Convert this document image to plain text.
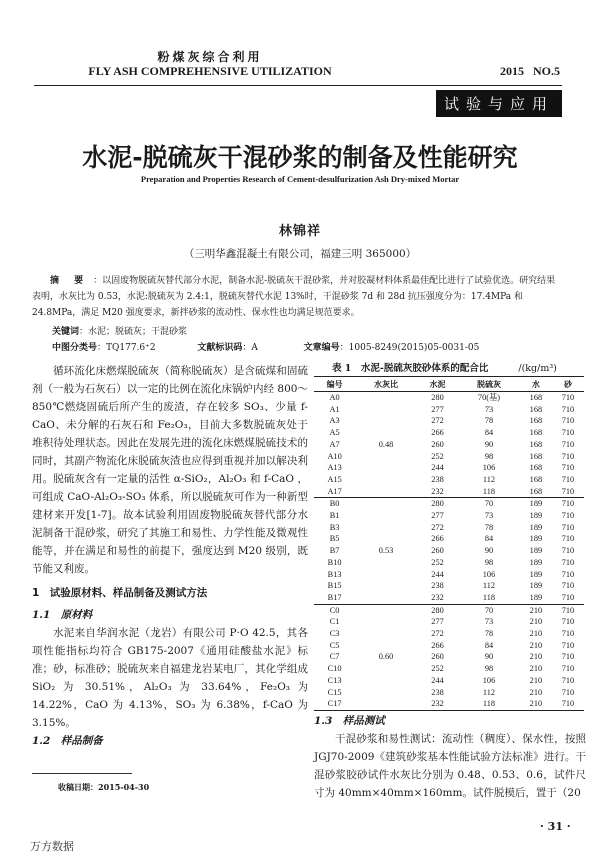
粉煤灰综合利用
FLY ASH COMPREHENSIVE UTILIZATION	2015 NO.5
试验与应用
水泥-脱硫灰干混砂浆的制备及性能研究
Preparation and Properties Research of Cement-desulfurization Ash Dry-mixed Mortar
林锦祥
（三明华鑫混凝土有限公司，福建三明 365000）
摘 要 ：以固废物脱硫灰替代部分水泥，制备水泥-脱硫灰干混砂浆，并对胶凝材料体系最佳配比进行了试验优选。研究结果表明，水灰比为 0.53，水泥:脱硫灰为 2.4:1，脱硫灰替代水泥 13%时，干混砂浆 7d 和 28d 抗压强度分为：17.4MPa 和 24.8MPa，满足 M20 强度要求，新拌砂浆的流动性、保水性也均满足规范要求。
关键词：水泥；脱硫灰；干混砂浆
中图分类号：TQ177.6⁺2	文献标识码：A	文章编号：1005-8249(2015)05-0031-05

循环流化床燃煤脱硫灰（简称脱硫灰）是含硫煤和固硫剂（一般为石灰石）以一定的比例在流化床锅炉内经 800～850℃燃烧固硫后所产生的废渣，存在较多 SO₃、少量 f-CaO、未分解的石灰石和 Fe₂O₃，目前大多数脱硫灰处于堆积待处理状态。因此在发展先进的流化床燃煤脱硫技术的同时，其副产物流化床脱硫灰渣也应得到重视并加以解决利用。脱硫灰含有一定量的活性 α-SiO₂，Al₂O₃ 和 f-CaO ，可组成 CaO-Al₂O₃-SO₃ 体系，所以脱硫灰可作为一种新型建材来开发[1-7]。故本试验利用固废物脱硫灰替代部分水泥制备干混砂浆，研究了其施工和易性、力学性能及微观性能等，并在满足和易性的前提下，强度达到 M20 级别，既节能又利废。

1　试验原材料、样品制备及测试方法
1.1　原材料

水泥来自华润水泥（龙岩）有限公司 P·O 42.5，其各项性能指标均符合 GB175-2007《通用硅酸盐水泥》标准；砂，标准砂；脱硫灰来自福建龙岩某电厂，其化学组成 SiO₂ 为 30.51%，Al₂O₃ 为 33.64%，Fe₂O₃ 为 14.22%，CaO 为 4.13%，SO₃ 为 6.38%，f-CaO 为 3.15%。

1.2　样品制备
收稿日期：2015-04-30
表 1　水泥-脱硫灰胶砂体系的配合比	/(kg/m³)
编号	水灰比	水泥	脱硫灰	水	砂
A0		280	70(基)	168	710
A1		277	73	168	710
A3		272	78	168	710
A5		266	84	168	710
A7	0.48	260	90	168	710
A10		252	98	168	710
A13		244	106	168	710
A15		238	112	168	710
A17		232	118	168	710
B0		280	70	189	710
B1		277	73	189	710
B3		272	78	189	710
B5		266	84	189	710
B7	0.53	260	90	189	710
B10		252	98	189	710
B13		244	106	189	710
B15		238	112	189	710
B17		232	118	189	710
C0		280	70	210	710
C1		277	73	210	710
C3		272	78	210	710
C5		266	84	210	710
C7	0.60	260	90	210	710
C10		252	98	210	710
C13		244	106	210	710
C15		238	112	210	710
C17		232	118	210	710
1.3　样品测试

干混砂浆和易性测试：流动性（稠度）、保水性，按照 JGJ70-2009《建筑砂浆基本性能试验方法标准》进行。干混砂浆胶砂试件水灰比分别为 0.48、0.53、0.6，试件尺寸为 40mm×40mm×160mm。试件脱模后，置于（20

· 31 ·
万方数据
